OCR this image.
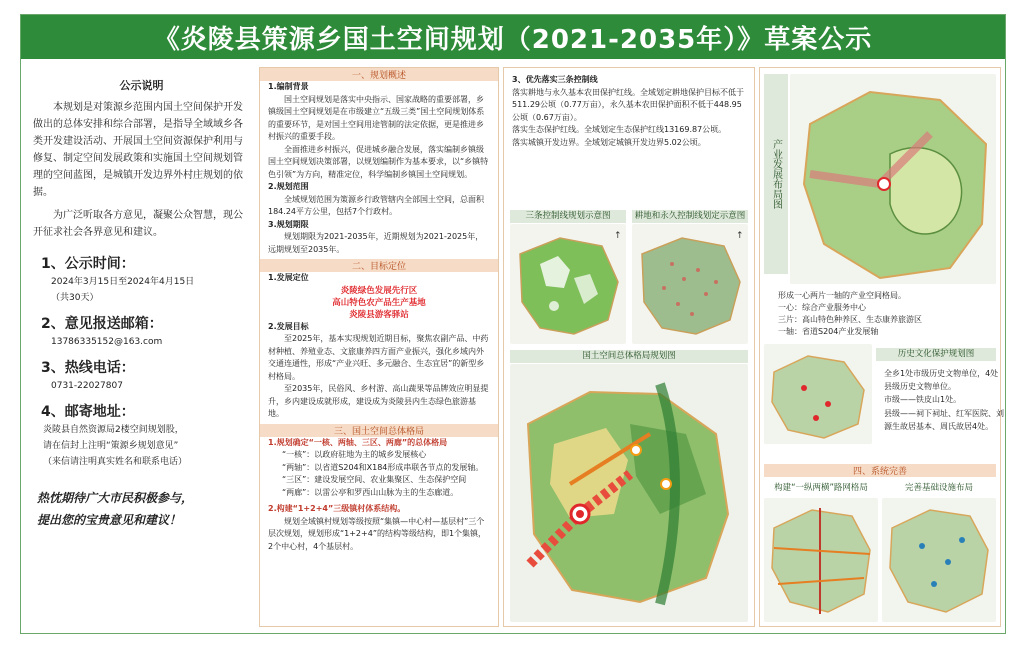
《炎陵县策源乡国土空间规划（2021-2035年）》草案公示
公示说明

本规划是对策源乡范围内国土空间保护开发做出的总体安排和综合部署，是指导全域域乡各类开发建设活动、开展国土空间资源保护利用与修复、制定空间发展政策和实施国土空间规划管理的空间蓝图，是城镇开发边界外村庄规划的依据。

为广泛听取各方意见，凝聚公众智慧，现公开征求社会各界意见和建议。

1、公示时间：
2024年3月15日至2024年4月15日
（共30天）
2、意见报送邮箱：
13786335152@163.com
3、热线电话：
0731-22027807
4、邮寄地址：
炎陵县自然资源局2楼空间规划股，
请在信封上注明“策源乡规划意见”
（来信请注明真实姓名和联系电话）
热忱期待广大市民积极参与，
提出您的宝贵意见和建议！
一、规划概述
1.编制背景
国土空间规划是落实中央指示、国家战略的重要部署，乡镇级国土空间规划是在市级建立“五级三类”国土空间规划体系的重要环节，是对国土空间用途管制的法定依据，更是推进乡村振兴的重要手段。
全面推进乡村振兴，促进城乡融合发展，落实编制乡镇级国土空间规划决策部署，以规划编制作为基本要求，以“乡镇特色引领”为方向，精准定位，科学编制乡镇国土空间规划。
2.规划范围
全域规划范围为策源乡行政管辖内全部国土空间，总面积184.24平方公里，包括7个行政村。
3.规划期限
规划期限为2021-2035年，近期规划为2021-2025年，远期规划至2035年。
二、目标定位
1.发展定位
炎陵绿色发展先行区
高山特色农产品生产基地
炎陵县游客驿站
2.发展目标
至2025年，基本实现规划近期目标，聚焦农副产品、中药材种植、养殖业态、文旅康养四方面产业振兴，强化乡域内外交通连通性，形成“产业兴旺、多元融合、生态宜居”的新型乡村格局。
至2035年，民俗风、乡村游、高山蔬果等品牌效应明显提升，乡内建设成就形成，建设成为炎陵县内生态绿色旅游基地。
三、国土空间总体格局
1.规划确定“一核、两轴、三区、两廊”的总体格局
“一核”：以政府驻地为主的城乡发展核心
“两轴”：以省道S204和X184形成串联各节点的发展轴。
“三区”：建设发展空间、农业集聚区、生态保护空间
“两廊”：以雷公亭和罗西山山脉为主的生态廊道。
2.构建“1+2+4”三级镇村体系结构。
规划全域镇村规划等级按照“集镇—中心村—基层村”三个层次规划，规划形成“1+2+4”的结构等级结构，即1个集镇，2个中心村，4个基层村。
3、优先落实三条控制线
落实耕地与永久基本农田保护红线。全域划定耕地保护目标不低于511.29公顷（0.77万亩），永久基本农田保护面积不低于448.95公顷（0.67万亩）。
落实生态保护红线。全域划定生态保护红线13169.87公顷。
落实城镇开发边界。全域划定城镇开发边界5.02公顷。
三条控制线规划示意图	耕地和永久控制线划定示意图
↑	↑
国土空间总体格局规划图
产业发展布局图
形成一心两片一轴的产业空间格局。
一心：综合产业服务中心
三片：高山特色种养区、生态康养旅游区
一轴：省道S204产业发展轴
历史文化保护规划图
全乡1处市级历史文物单位，4处县级历史文物单位。
市级——铁皮山1处。
县级——祠下祠址、红军医院、刘源生故居基本、周氏故居4处。
四、系统完善
构建“一纵两横”路网格局	完善基础设施布局
